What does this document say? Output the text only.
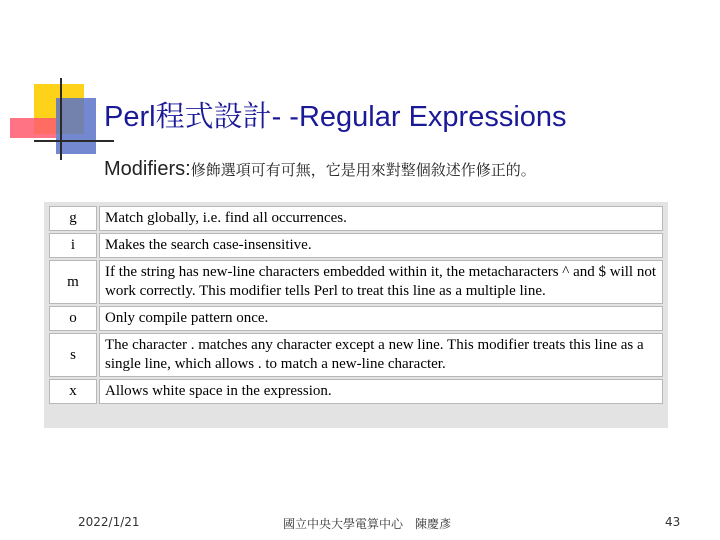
Perl程式設計- -Regular Expressions
Modifiers:修飾選項可有可無，它是用來對整個敘述作修正的。
g	Match globally, i.e. find all occurrences.
i	Makes the search case-insensitive.
m	If the string has new-line characters embedded within it, the metacharacters ^ and $ will not work correctly. This modifier tells Perl to treat this line as a multiple line.
o	Only compile pattern once.
s	The character . matches any character except a new line. This modifier treats this line as a single line, which allows . to match a new-line character.
x	Allows white space in the expression.
2022/1/21	國立中央大學電算中心　陳慶彥	43
